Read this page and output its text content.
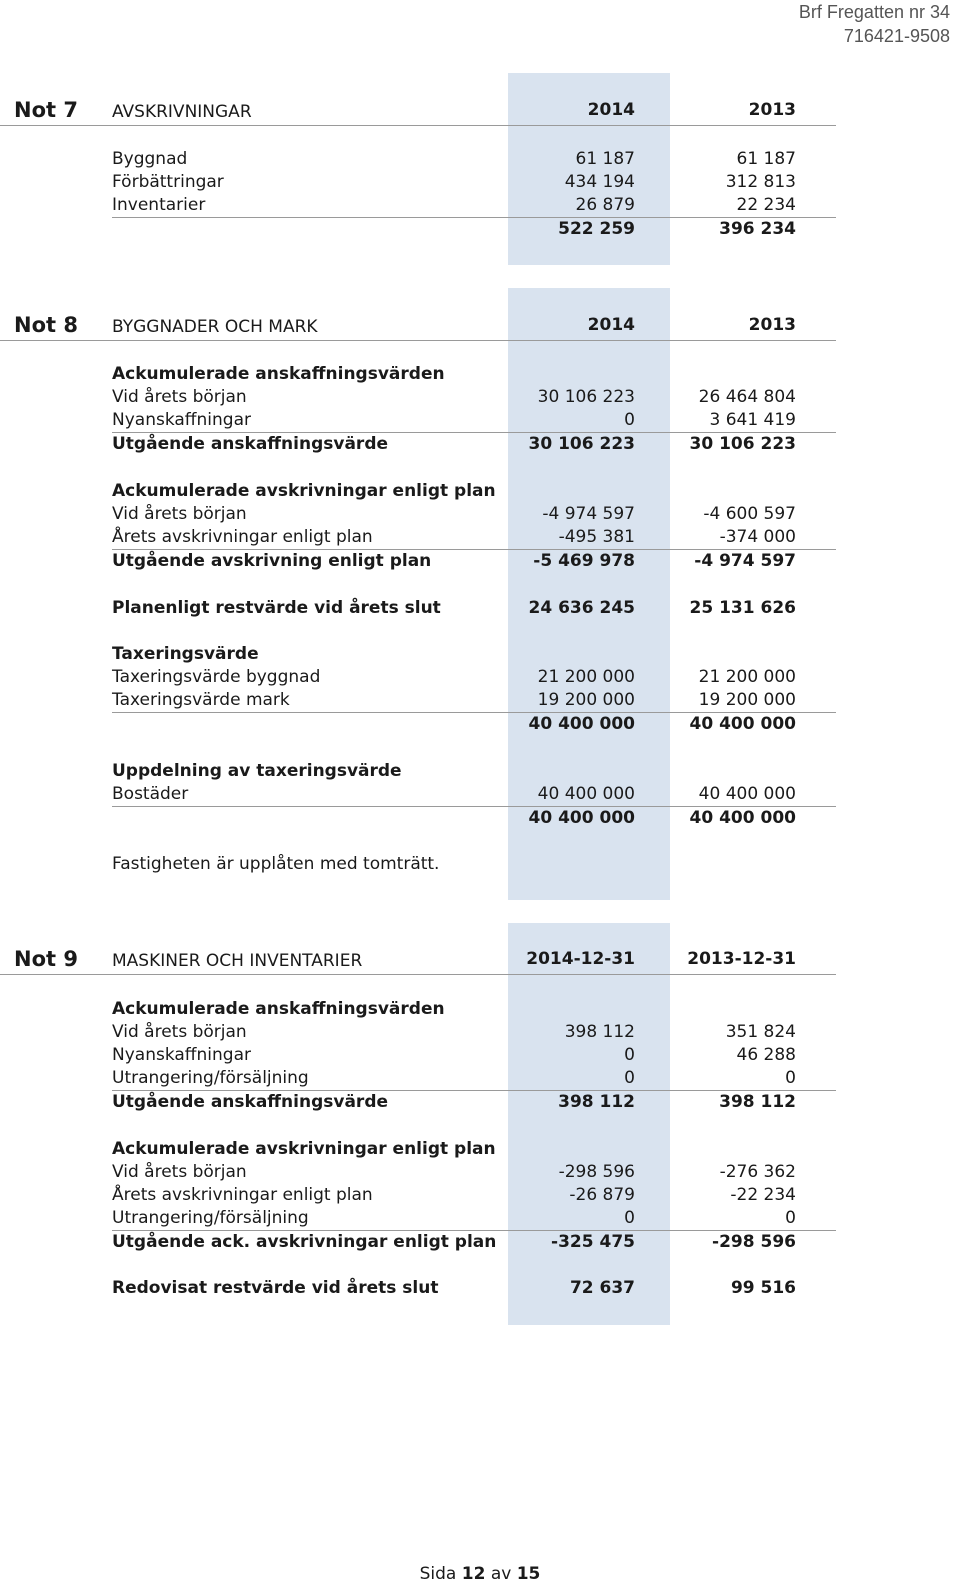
Brf Fregatten nr 34
716421-9508
Not 7 AVSKRIVNINGAR	2014	2013
Byggnad	61 187	61 187
Förbättringar	434 194	312 813
Inventarier	26 879	22 234
522 259	396 234
Not 8 BYGGNADER OCH MARK	2014	2013
Ackumulerade anskaffningsvärden
Vid årets början	30 106 223	26 464 804
Nyanskaffningar	0	3 641 419
Utgående anskaffningsvärde	30 106 223	30 106 223
Ackumulerade avskrivningar enligt plan
Vid årets början	-4 974 597	-4 600 597
Årets avskrivningar enligt plan	-495 381	-374 000
Utgående avskrivning enligt plan	-5 469 978	-4 974 597
Planenligt restvärde vid årets slut	24 636 245	25 131 626
Taxeringsvärde
Taxeringsvärde byggnad	21 200 000	21 200 000
Taxeringsvärde mark	19 200 000	19 200 000
40 400 000	40 400 000
Uppdelning av taxeringsvärde
Bostäder	40 400 000	40 400 000
40 400 000	40 400 000
Fastigheten är upplåten med tomträtt.
Not 9 MASKINER OCH INVENTARIER	2014-12-31	2013-12-31
Ackumulerade anskaffningsvärden
Vid årets början	398 112	351 824
Nyanskaffningar	0	46 288
Utrangering/försäljning	0	0
Utgående anskaffningsvärde	398 112	398 112
Ackumulerade avskrivningar enligt plan
Vid årets början	-298 596	-276 362
Årets avskrivningar enligt plan	-26 879	-22 234
Utrangering/försäljning	0	0
Utgående ack. avskrivningar enligt plan	-325 475	-298 596
Redovisat restvärde vid årets slut	72 637	99 516
Sida 12 av 15
